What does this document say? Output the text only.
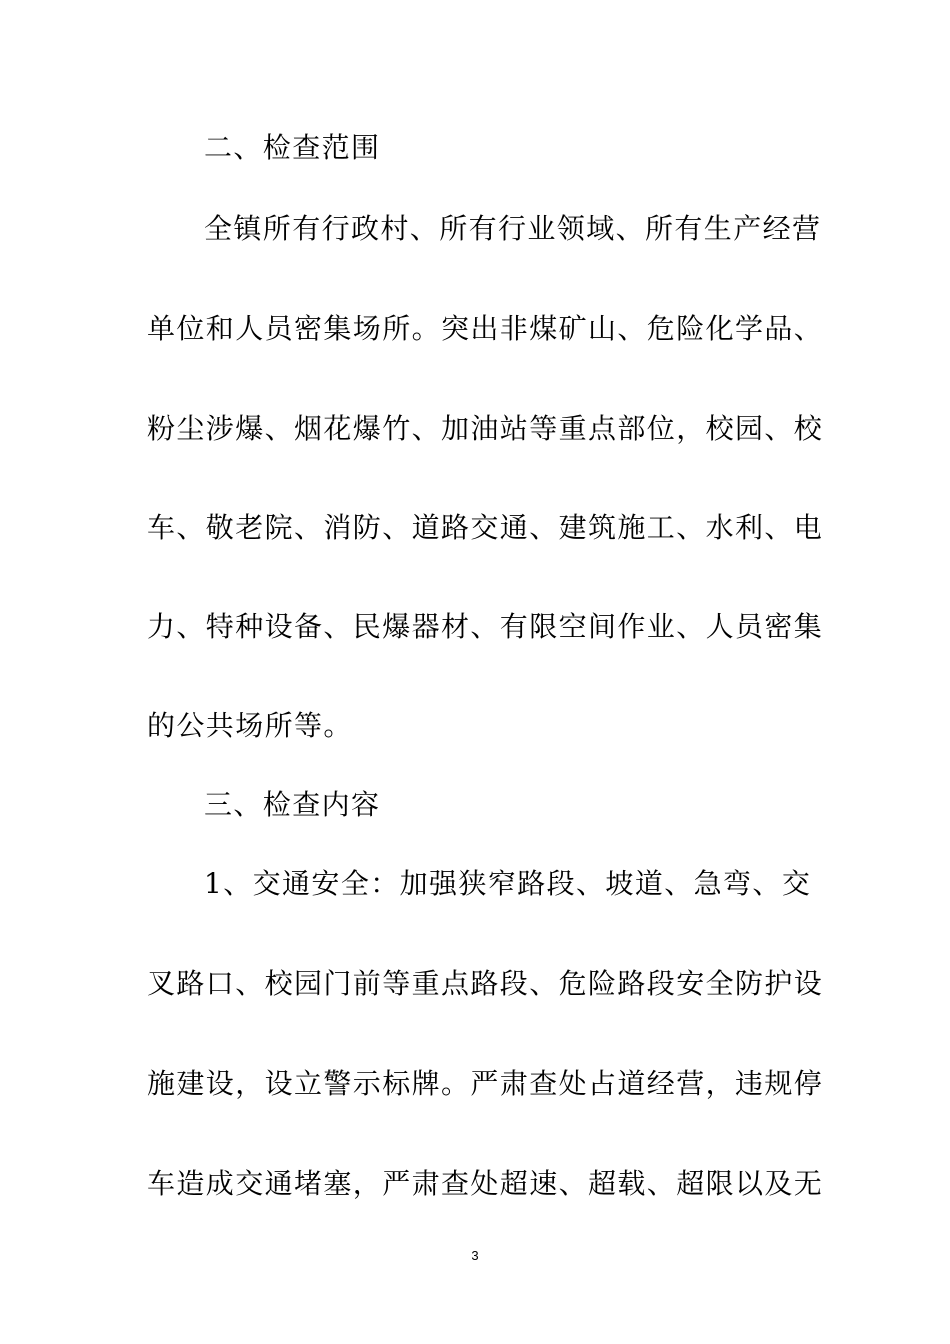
二、检查范围
全镇所有行政村、所有行业领域、所有生产经营
单位和人员密集场所。突出非煤矿山、危险化学品、
粉尘涉爆、烟花爆竹、加油站等重点部位，校园、校
车、敬老院、消防、道路交通、建筑施工、水利、电
力、特种设备、民爆器材、有限空间作业、人员密集
的公共场所等。
三、检查内容
1、交通安全：加强狭窄路段、坡道、急弯、交
叉路口、校园门前等重点路段、危险路段安全防护设
施建设，设立警示标牌。严肃查处占道经营，违规停
车造成交通堵塞，严肃查处超速、超载、超限以及无
3
